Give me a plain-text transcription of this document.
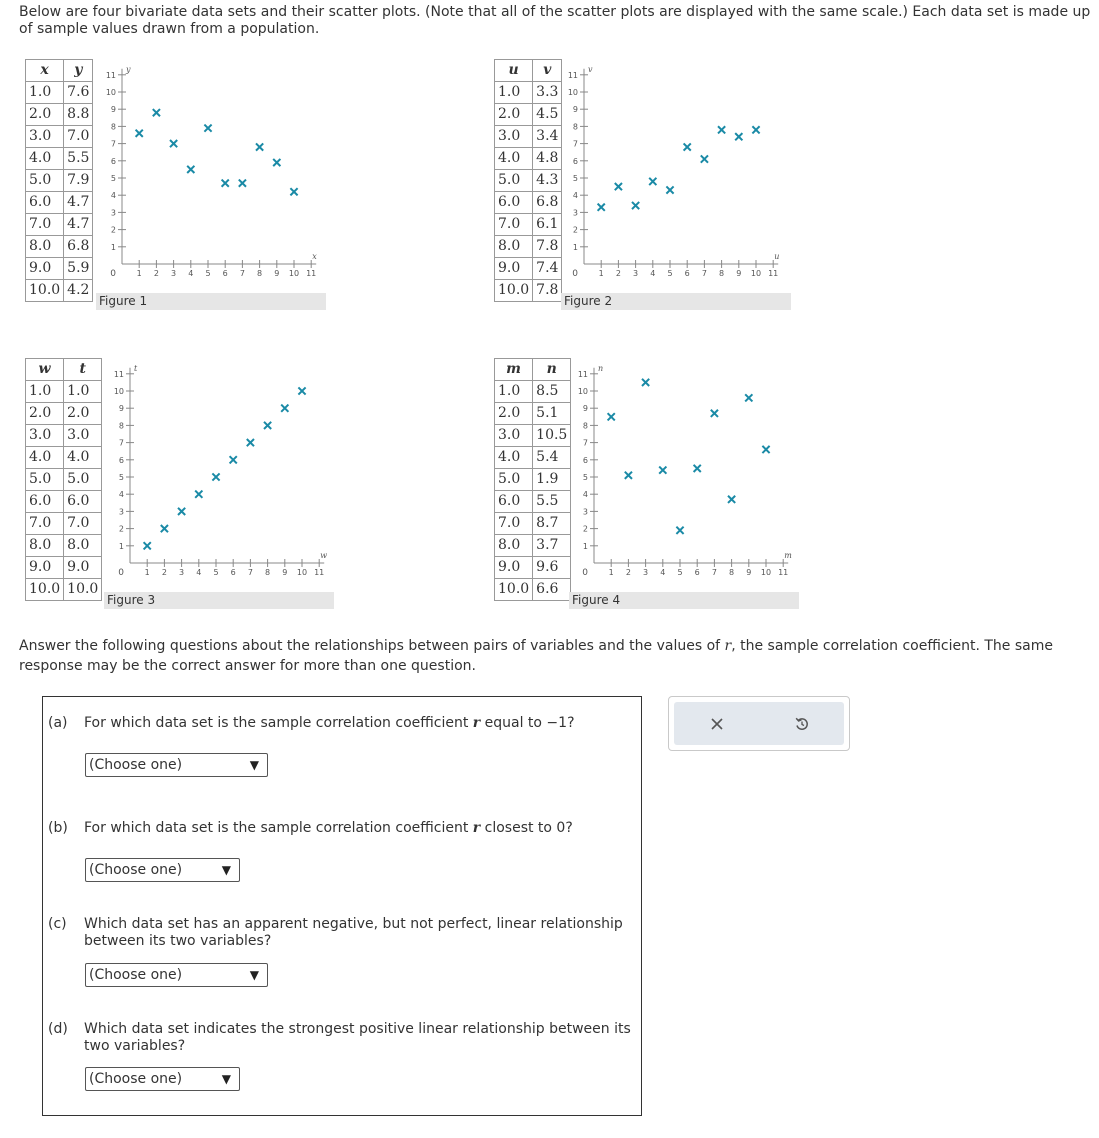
Below are four bivariate data sets and their scatter plots. (Note that all of the scatter plots are displayed with the same scale.) Each data set is made up of sample values drawn from a population.
x	y
1.0	7.6
2.0	8.8
3.0	7.0
4.0	5.5
5.0	7.9
6.0	4.7
7.0	4.7
8.0	6.8
9.0	5.9
10.0	4.2
1
1
2
2
3
3
4
4
5
5
6
6
7
7
8
8
9
9
10
10
11
11
0
x
y
Figure 1
u	v
1.0	3.3
2.0	4.5
3.0	3.4
4.0	4.8
5.0	4.3
6.0	6.8
7.0	6.1
8.0	7.8
9.0	7.4
10.0	7.8
1
1
2
2
3
3
4
4
5
5
6
6
7
7
8
8
9
9
10
10
11
11
0
u
v
Figure 2
w	t
1.0	1.0
2.0	2.0
3.0	3.0
4.0	4.0
5.0	5.0
6.0	6.0
7.0	7.0
8.0	8.0
9.0	9.0
10.0	10.0
1
1
2
2
3
3
4
4
5
5
6
6
7
7
8
8
9
9
10
10
11
11
0
w
t
Figure 3
m	n
1.0	8.5
2.0	5.1
3.0	10.5
4.0	5.4
5.0	1.9
6.0	5.5
7.0	8.7
8.0	3.7
9.0	9.6
10.0	6.6
1
1
2
2
3
3
4
4
5
5
6
6
7
7
8
8
9
9
10
10
11
11
0
m
n
Figure 4
Answer the following questions about the relationships between pairs of variables and the values of r, the sample correlation coefficient. The same response may be the correct answer for more than one question.
(a) For which data set is the sample correlation coefficient r equal to −1?
(Choose one)	▼
(b) For which data set is the sample correlation coefficient r closest to 0?
(Choose one)	▼
(c) Which data set has an apparent negative, but not perfect, linear relationship between its two variables?
(Choose one)	▼
(d) Which data set indicates the strongest positive linear relationship between its two variables?
(Choose one)	▼
